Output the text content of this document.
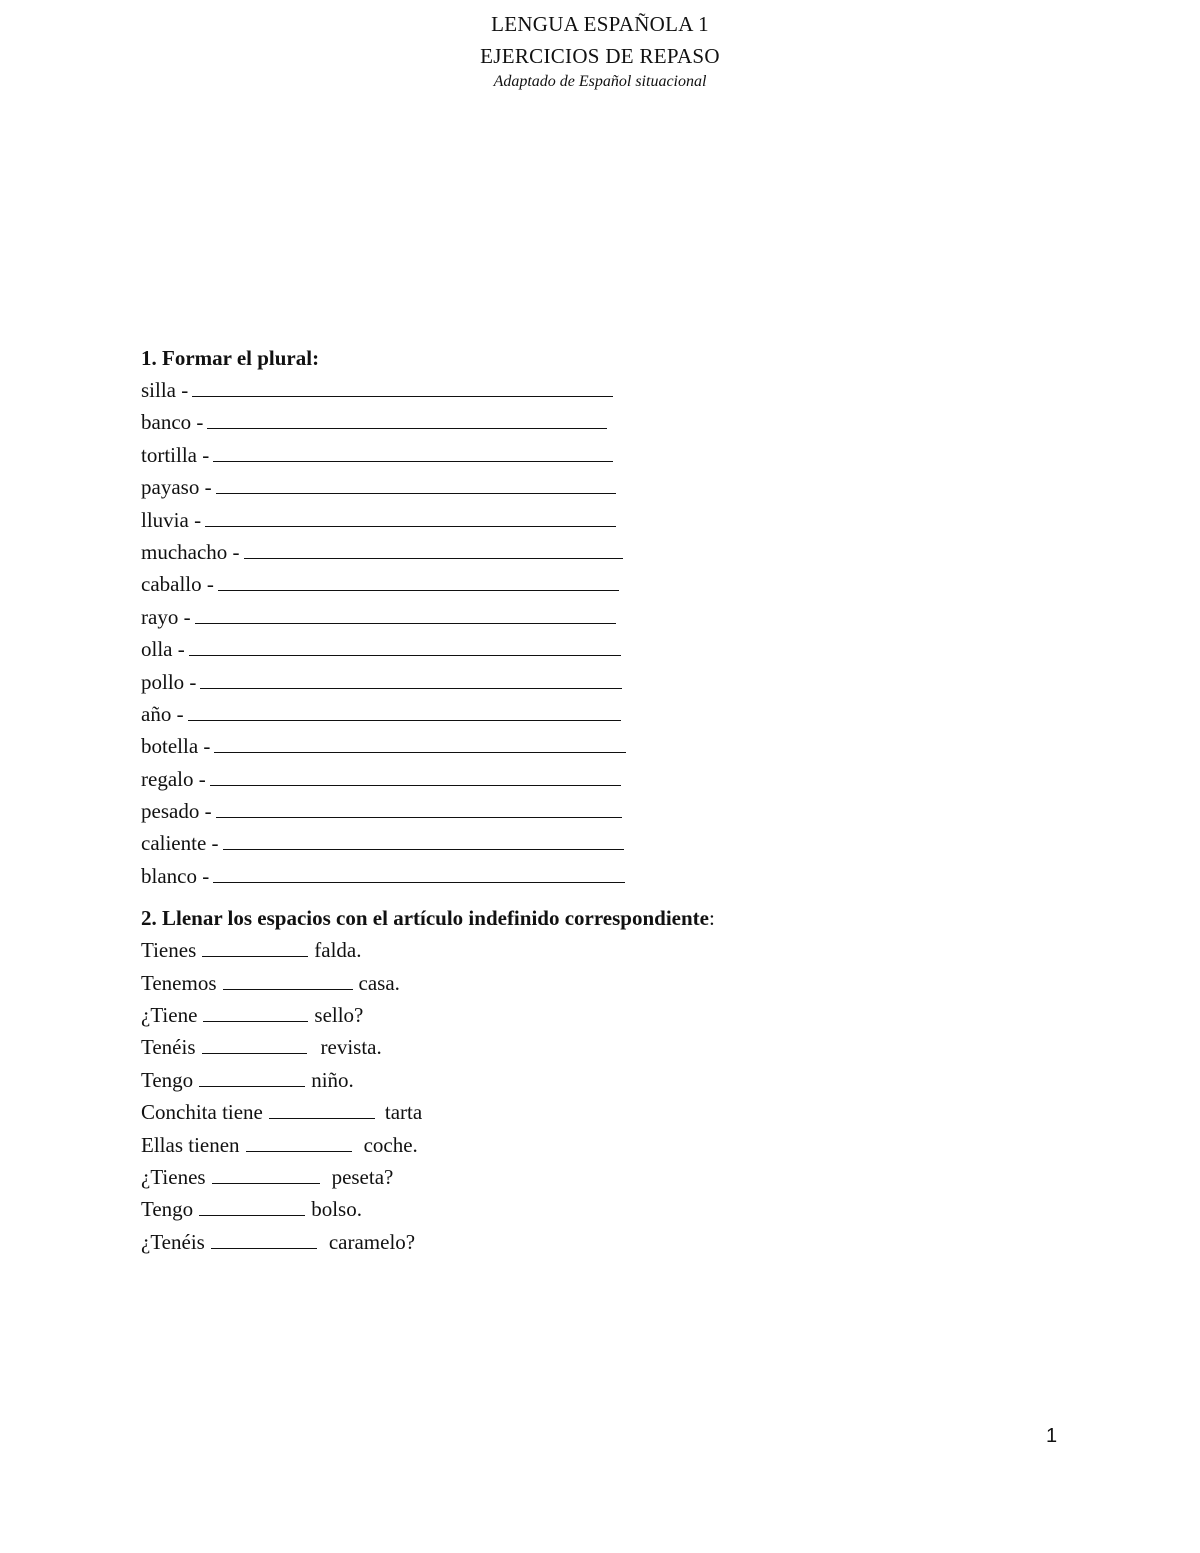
LENGUA ESPAÑOLA 1
EJERCICIOS DE REPASO
Adaptado de Español situacional
1. Formar el plural:
silla -
banco -
tortilla -
payaso -
lluvia -
muchacho -
caballo -
rayo -
olla -
pollo -
año -
botella -
regalo -
pesado -
caliente -
blanco -
2. Llenar los espacios con el artículo indefinido correspondiente:
Tienes	falda.
Tenemos	casa.
¿Tiene	sello?
Tenéis	revista.
Tengo	niño.
Conchita tiene	tarta
Ellas tienen	coche.
¿Tienes	peseta?
Tengo	bolso.
¿Tenéis	caramelo?
1
